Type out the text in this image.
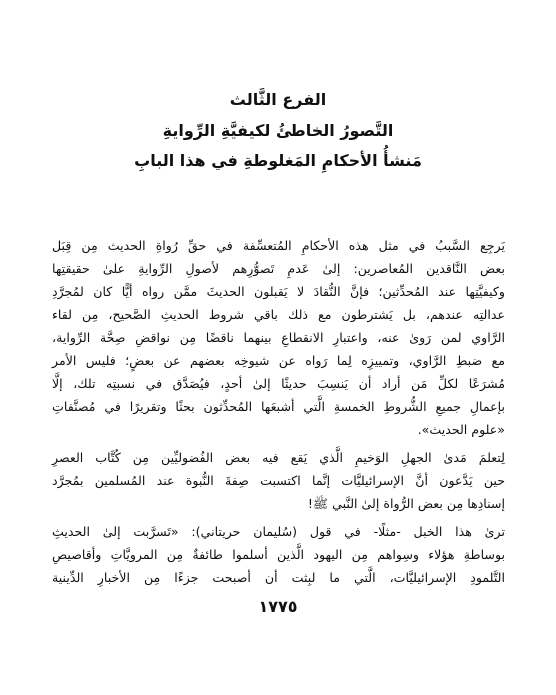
الفرع الثَّالث
التَّصورُ الخاطئُ لكيفيَّةِ الرِّوايةِ
مَنشأُ الأحكامِ المَغلوطةِ في هذا البابِ
يَرجِع السَّببُ في مثل هذه الأحكامِ المُتعسِّفة في حقِّ رُواةِ الحديث مِن قِبَل
بعض النَّاقدين المُعاصرين: إلىٰ عَدمِ تَصوُّرِهم لأصولِ الرِّوايةِ علىٰ حقيقتِها
وكيفيَّتِها عند المُحدِّثين؛ فإنَّ النُّقادَ لا يَقبلون الحديثَ ممَّن رواه أيًّا كان لمُجرَّدِ
عدالتِه عندهم، بل يَشترطون مع ذلك باقي شروط الحديثِ الصَّحيح، مِن لقاء
الرَّاوي لمن رَوىٰ عنه، واعتبارِ الانقطاعِ بينهما ناقضًا مِن نواقضِ صِحَّة الرِّواية،
مع ضبطِ الرَّاوي، وتمييزِه لِما رَواه عن شيوخِه بعضهم عن بعضٍ؛ فليس الأمر
مُشرَعًا لكلِّ مَن أراد أن يَنسِبَ حديثًا إلىٰ أحدٍ، فيُصَدَّق في نسبتِه تلك، إلَّا
بإعمالِ جميعِ الشُّروطِ الخمسةِ الَّتي أشبعَها المُحدِّثون بحثًا وتقريرًا في مُصنَّفاتِ
«علوم الحديث».
لِتعلمَ مَدىٰ الجهلِ الوَخيمِ الَّذي يَقع فيه بعض الفُضوليِّين مِن كُتَّاب العصرِ
حين يَدَّعون أنَّ الإسرائيليَّات إنَّما اكتسبت صِفةَ النُّبوة عند المُسلمين بمُجرَّد
إسنادِها مِن بعض الرُّواة إلىٰ النَّبي ﷺ!
ترىٰ هذا الخبل -مثلًا- في قول (سُليمان حريتاني): «تَسرَّبت إلىٰ الحديثِ
بوساطةِ هؤلاء وسِواهم مِن اليهود الَّذين أسلموا طائفةٌ مِن المرويَّاتِ وأقاصيصِ
التَّلمودِ الإسرائيليَّات، الَّتي ما لبِثت أن أصبحت جزءًا مِن الأخبارِ الدِّينية
١٧٧٥
